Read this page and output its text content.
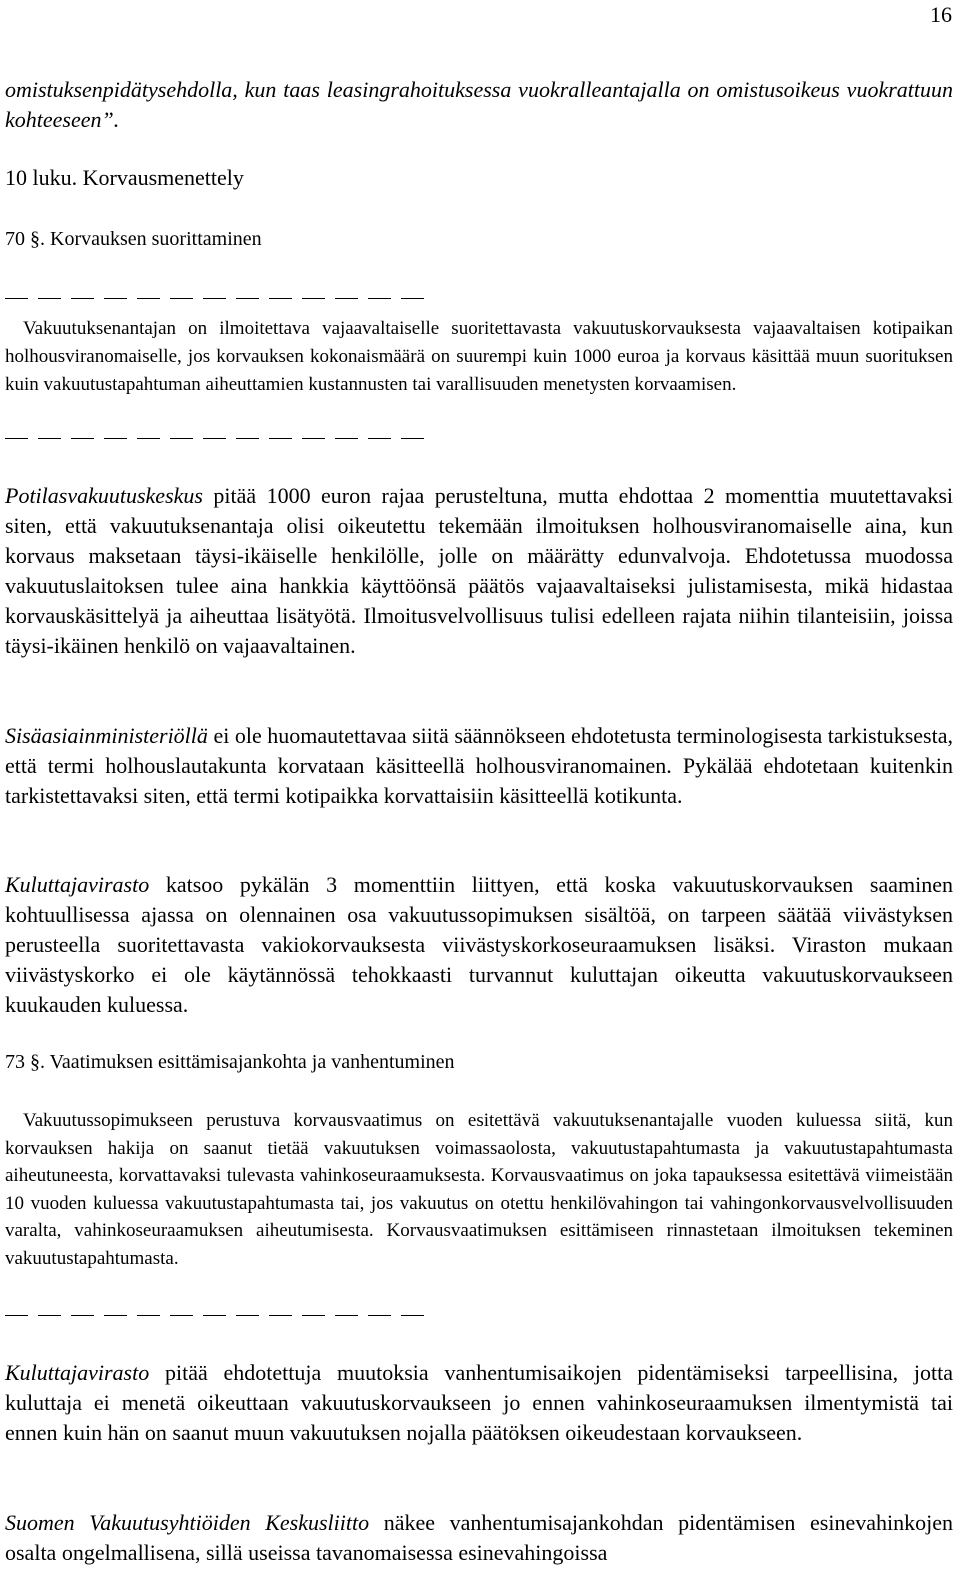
16
omistuksenpidätysehdolla, kun taas leasingrahoituksessa vuokralleantajalla on omistusoikeus vuokrattuun kohteeseen”.
10 luku. Korvausmenettely
70 §. Korvauksen suorittaminen
Vakuutuksenantajan on ilmoitettava vajaavaltaiselle suoritettavasta vakuutuskorvauksesta vajaavaltaisen kotipaikan holhousviranomaiselle, jos korvauksen kokonaismäärä on suurempi kuin 1000 euroa ja korvaus käsittää muun suorituksen kuin vakuutustapahtuman aiheuttamien kustannusten tai varallisuuden menetysten korvaamisen.

Potilasvakuutuskeskus pitää 1000 euron rajaa perusteltuna, mutta ehdottaa 2 momenttia muutettavaksi siten, että vakuutuksenantaja olisi oikeutettu tekemään ilmoituksen holhousviranomaiselle aina, kun korvaus maksetaan täysi-ikäiselle henkilölle, jolle on määrätty edunvalvoja. Ehdotetussa muodossa vakuutuslaitoksen tulee aina hankkia käyttöönsä päätös vajaavaltaiseksi julistamisesta, mikä hidastaa korvauskäsittelyä ja aiheuttaa lisätyötä. Ilmoitusvelvollisuus tulisi edelleen rajata niihin tilanteisiin, joissa täysi-ikäinen henkilö on vajaavaltainen.

Sisäasiainministeriöllä ei ole huomautettavaa siitä säännökseen ehdotetusta terminologisesta tarkistuksesta, että termi holhouslautakunta korvataan käsitteellä holhousviranomainen. Pykälää ehdotetaan kuitenkin tarkistettavaksi siten, että termi kotipaikka korvattaisiin käsitteellä kotikunta.

Kuluttajavirasto katsoo pykälän 3 momenttiin liittyen, että koska vakuutuskorvauksen saaminen kohtuullisessa ajassa on olennainen osa vakuutussopimuksen sisältöä, on tarpeen säätää viivästyksen perusteella suoritettavasta vakiokorvauksesta viivästyskorkoseuraamuksen lisäksi. Viraston mukaan viivästyskorko ei ole käytännössä tehokkaasti turvannut kuluttajan oikeutta vakuutuskorvaukseen kuukauden kuluessa.

73 §. Vaatimuksen esittämisajankohta ja vanhentuminen
Vakuutussopimukseen perustuva korvausvaatimus on esitettävä vakuutuksenantajalle vuoden kuluessa siitä, kun korvauksen hakija on saanut tietää vakuutuksen voimassaolosta, vakuutustapahtumasta ja vakuutustapahtumasta aiheutuneesta, korvattavaksi tulevasta vahinkoseuraamuksesta. Korvausvaatimus on joka tapauksessa esitettävä viimeistään 10 vuoden kuluessa vakuutustapahtumasta tai, jos vakuutus on otettu henkilövahingon tai vahingonkorvausvelvollisuuden varalta, vahinkoseuraamuksen aiheutumisesta. Korvausvaatimuksen esittämiseen rinnastetaan ilmoituksen tekeminen vakuutustapahtumasta.

Kuluttajavirasto pitää ehdotettuja muutoksia vanhentumisaikojen pidentämiseksi tarpeellisina, jotta kuluttaja ei menetä oikeuttaan vakuutuskorvaukseen jo ennen vahinkoseuraamuksen ilmentymistä tai ennen kuin hän on saanut muun vakuutuksen nojalla päätöksen oikeudestaan korvaukseen.

Suomen Vakuutusyhtiöiden Keskusliitto näkee vanhentumisajankohdan pidentämisen esinevahinkojen osalta ongelmallisena, sillä useissa tavanomaisessa esinevahingoissa
